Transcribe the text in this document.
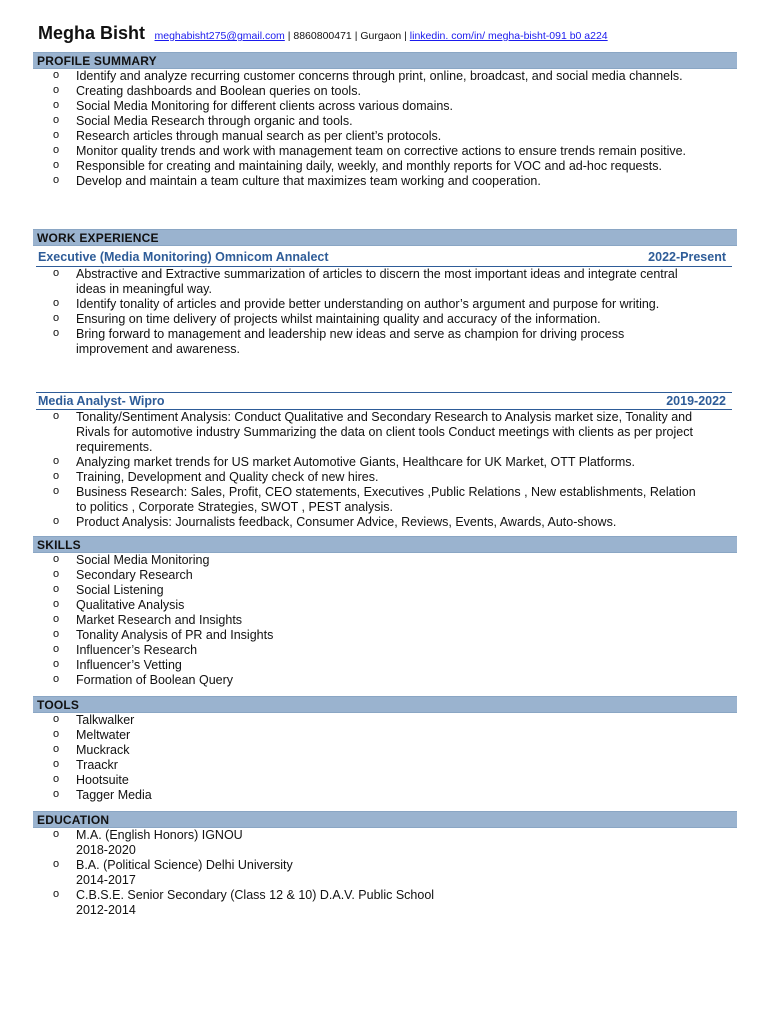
Megha Bisht meghabisht275@gmail.com | 8860800471 | Gurgaon | linkedin. com/in/ megha-bisht-091 b0 a224
PROFILE SUMMARY
o Identify and analyze recurring customer concerns through print, online, broadcast, and social media channels.
o Creating dashboards and Boolean queries on tools.
o Social Media Monitoring for different clients across various domains.
o Social Media Research through organic and tools.
o Research articles through manual search as per client’s protocols.
o Monitor quality trends and work with management team on corrective actions to ensure trends remain positive.
o Responsible for creating and maintaining daily, weekly, and monthly reports for VOC and ad-hoc requests.
o Develop and maintain a team culture that maximizes team working and cooperation.
WORK EXPERIENCE
Executive (Media Monitoring) Omnicom Annalect	2022-Present
o Abstractive and Extractive summarization of articles to discern the most important ideas and integrate central ideas in meaningful way.
o Identify tonality of articles and provide better understanding on author’s argument and purpose for writing.
o Ensuring on time delivery of projects whilst maintaining quality and accuracy of the information.
o Bring forward to management and leadership new ideas and serve as champion for driving process improvement and awareness.
Media Analyst- Wipro	2019-2022
o Tonality/Sentiment Analysis: Conduct Qualitative and Secondary Research to Analysis market size, Tonality and Rivals for automotive industry Summarizing the data on client tools Conduct meetings with clients as per project requirements.
o Analyzing market trends for US market Automotive Giants, Healthcare for UK Market, OTT Platforms.
o Training, Development and Quality check of new hires.
o Business Research: Sales, Profit, CEO statements, Executives ,Public Relations , New establishments, Relation to politics , Corporate Strategies, SWOT , PEST analysis.
o Product Analysis: Journalists feedback, Consumer Advice, Reviews, Events, Awards, Auto-shows.
SKILLS
o Social Media Monitoring
o Secondary Research
o Social Listening
o Qualitative Analysis
o Market Research and Insights
o Tonality Analysis of PR and Insights
o Influencer’s Research
o Influencer’s Vetting
o Formation of Boolean Query
TOOLS
o Talkwalker
o Meltwater
o Muckrack
o Traackr
o Hootsuite
o Tagger Media
EDUCATION
o M.A. (English Honors) IGNOU
2018-2020
o B.A. (Political Science) Delhi University
2014-2017
o C.B.S.E. Senior Secondary (Class 12 & 10) D.A.V. Public School
2012-2014
